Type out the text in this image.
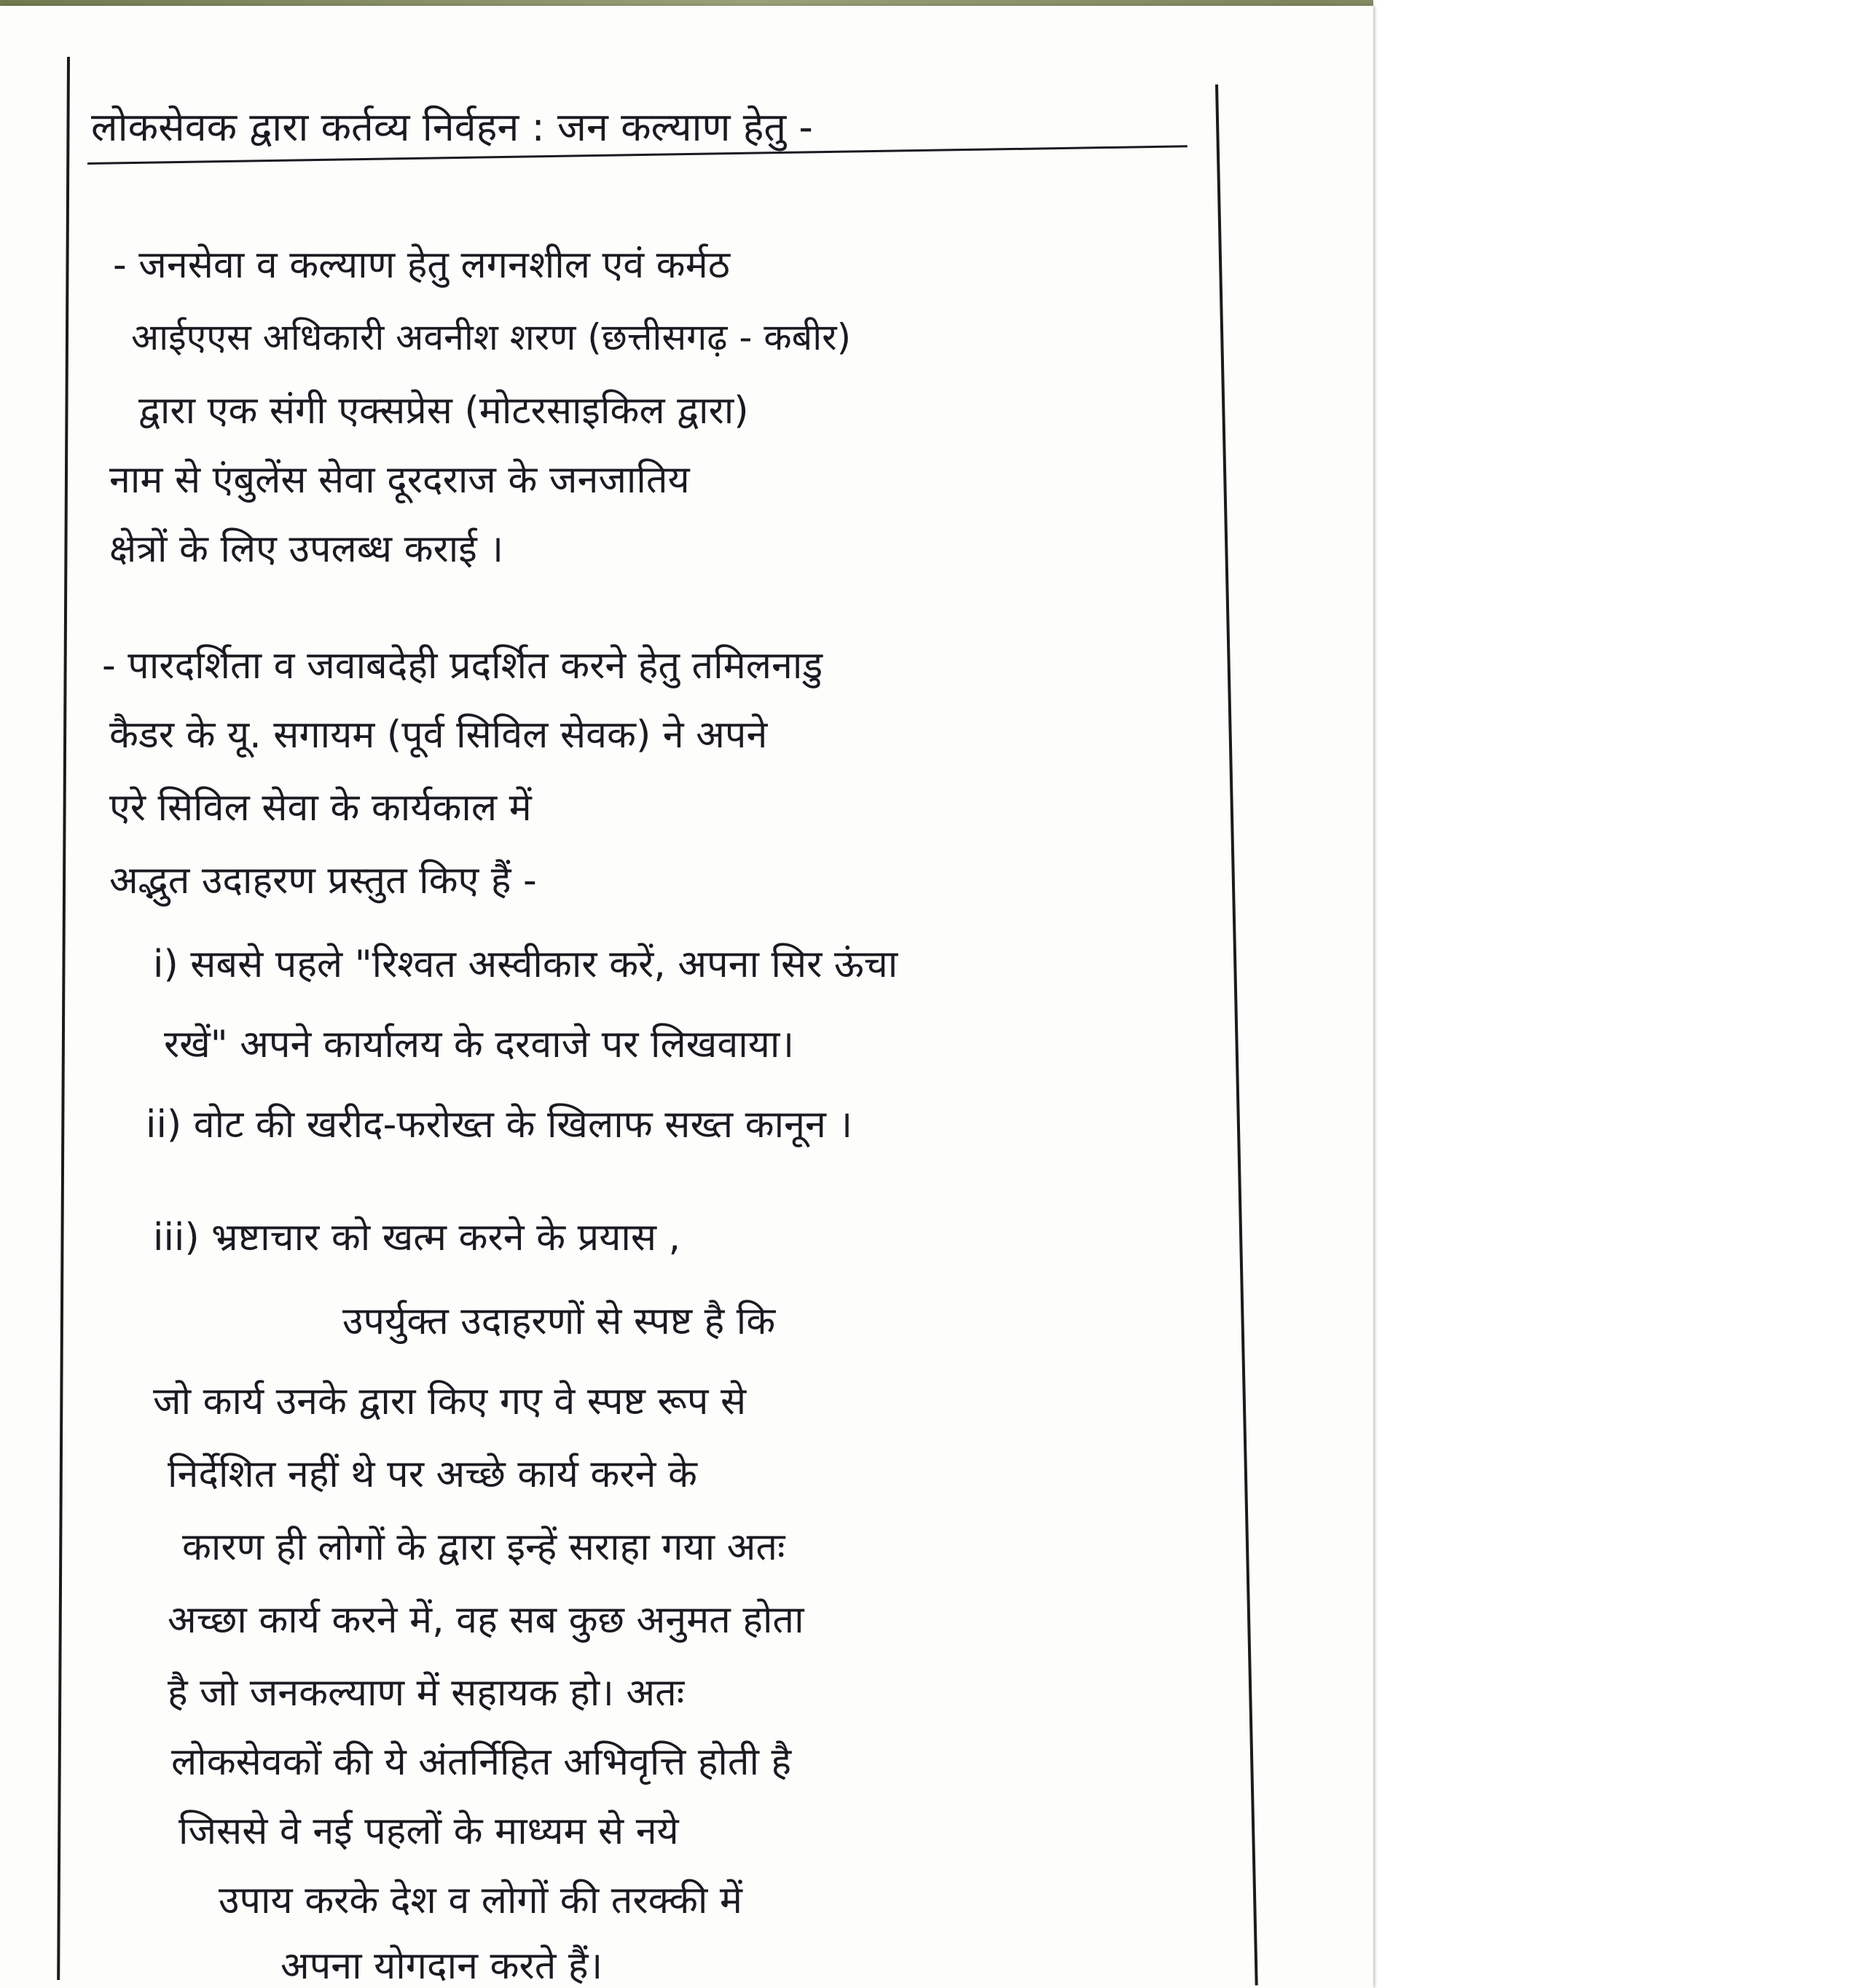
लोकसेवक द्वारा कर्तव्य निर्वहन : जन कल्याण हेतु -
- जनसेवा व कल्याण हेतु लगनशील एवं कर्मठ
आईएएस अधिकारी अवनीश शरण (छत्तीसगढ़ - कबीर)
द्वारा एक संगी एक्सप्रेस (मोटरसाइकिल द्वारा)
नाम से एंबुलेंस सेवा दूरदराज के जनजातिय
क्षेत्रों के लिए उपलब्ध कराई ।
- पारदर्शिता व जवाबदेही प्रदर्शित करने हेतु तमिलनाडु
कैडर के यू. सगायम (पूर्व सिविल सेवक) ने अपने
एरे सिविल सेवा के कार्यकाल में
अद्भुत उदाहरण प्रस्तुत किए हैं -
i) सबसे पहले "रिश्वत अस्वीकार करें, अपना सिर ऊंचा
रखें" अपने कार्यालय के दरवाजे पर लिखवाया।
ii) वोट की खरीद-फरोख्त के खिलाफ सख्त कानून ।
iii) भ्रष्टाचार को खत्म करने के प्रयास ,
उपर्युक्त उदाहरणों से स्पष्ट है कि
जो कार्य उनके द्वारा किए गए वे स्पष्ट रूप से
निर्देशित नहीं थे पर अच्छे कार्य करने के
कारण ही लोगों के द्वारा इन्हें सराहा गया अतः
अच्छा कार्य करने में, वह सब कुछ अनुमत होता
है जो जनकल्याण में सहायक हो। अतः
लोकसेवकों की ये अंतर्निहित अभिवृत्ति होती है
जिससे वे नई पहलों के माध्यम से नये
उपाय करके देश व लोगों की तरक्की में
अपना योगदान करते हैं।
